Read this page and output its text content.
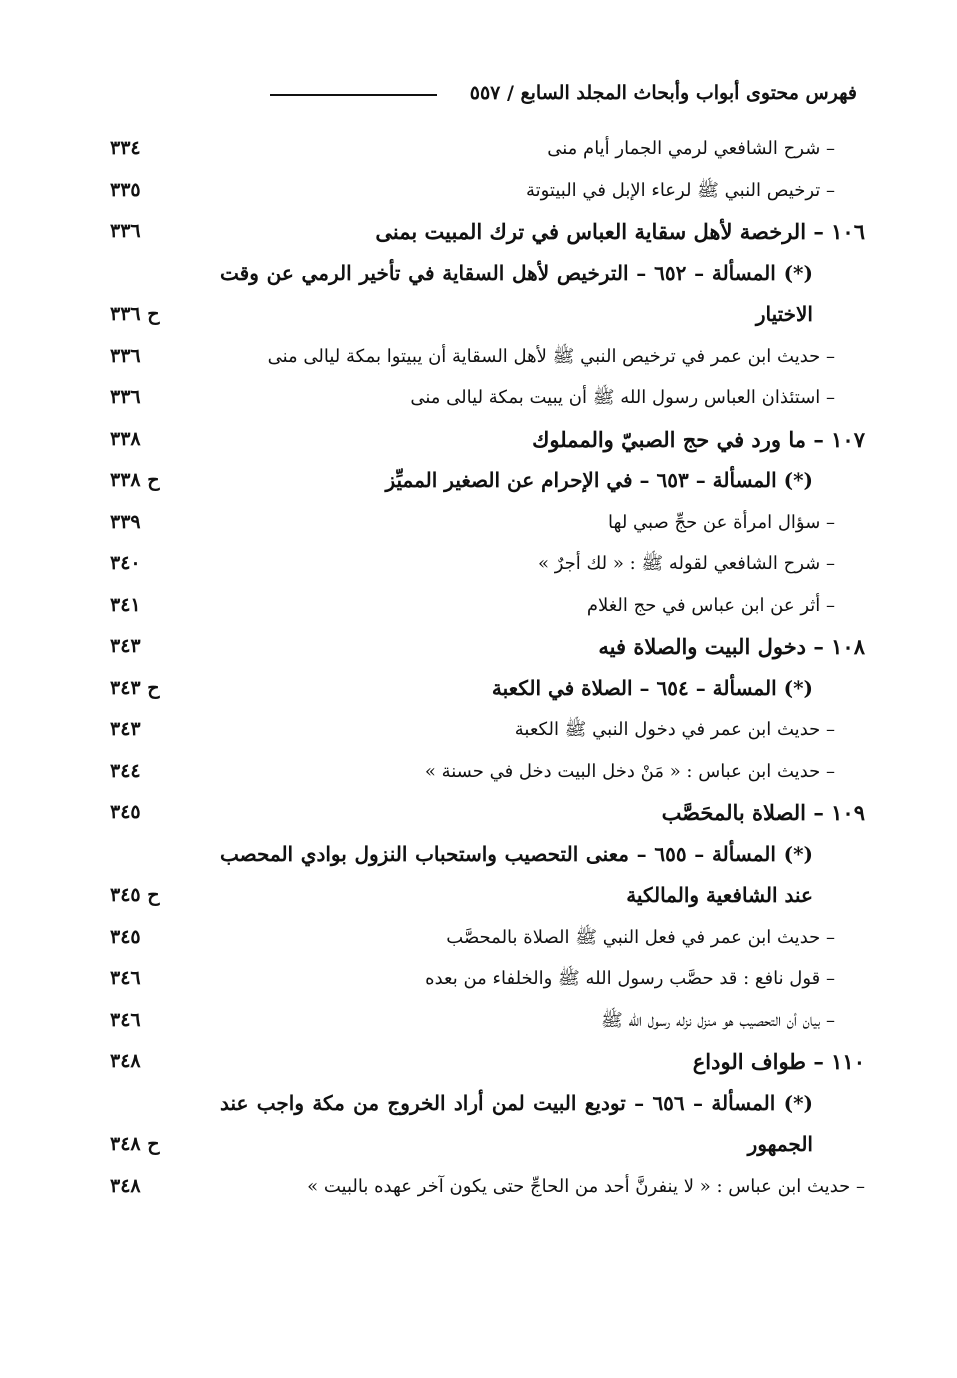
فهرس محتوى أبواب وأبحاث المجلد السابع / ٥٥٧
– شرح الشافعي لرمي الجمار أيام منى
٣٣٤
– ترخيص النبي ﷺ لرعاء الإبل في البيتوتة
٣٣٥
١٠٦ – الرخصة لأهل سقاية العباس في ترك المبيت بمنى
٣٣٦
(*) المسألة – ٦٥٢ – الترخيص لأهل السقاية في تأخير الرمي عن وقت الاختيار
ح ٣٣٦
– حديث ابن عمر في ترخيص النبي ﷺ لأهل السقاية أن يبيتوا بمكة ليالى منى
٣٣٦
– استئذان العباس رسول الله ﷺ أن يبيت بمكة ليالى منى
٣٣٦
١٠٧ – ما ورد في حج الصبيّ والمملوك
٣٣٨
(*) المسألة – ٦٥٣ – في الإحرام عن الصغير المميِّز
ح ٣٣٨
– سؤال امرأة عن حجِّ صبي لها
٣٣٩
– شرح الشافعي لقوله ﷺ : « لك أجرٌ »
٣٤٠
– أثر عن ابن عباس في حج الغلام
٣٤١
١٠٨ – دخول البيت والصلاة فيه
٣٤٣
(*) المسألة – ٦٥٤ – الصلاة في الكعبة
ح ٣٤٣
– حديث ابن عمر في دخول النبي ﷺ الكعبة
٣٤٣
– حديث ابن عباس : « مَنْ دخل البيت دخل في حسنة »
٣٤٤
١٠٩ – الصلاة بالمحَصَّب
٣٤٥
(*) المسألة – ٦٥٥ – معنى التحصيب واستحباب النزول بوادي المحصب عند الشافعية والمالكية
ح ٣٤٥
– حديث ابن عمر في فعل النبي ﷺ الصلاة بالمحصَّب
٣٤٥
– قول نافع : قد حصَّب رسول الله ﷺ والخلفاء من بعده
٣٤٦
– بيان أن التحصيب هو منزل نزله رسول الله ﷺ
٣٤٦
١١٠ – طواف الوداع
٣٤٨
(*) المسألة – ٦٥٦ – توديع البيت لمن أراد الخروج من مكة واجب عند الجمهور
ح ٣٤٨
– حديث ابن عباس : « لا ينفرنَّ أحد من الحاجِّ حتى يكون آخر عهده بالبيت »
٣٤٨
